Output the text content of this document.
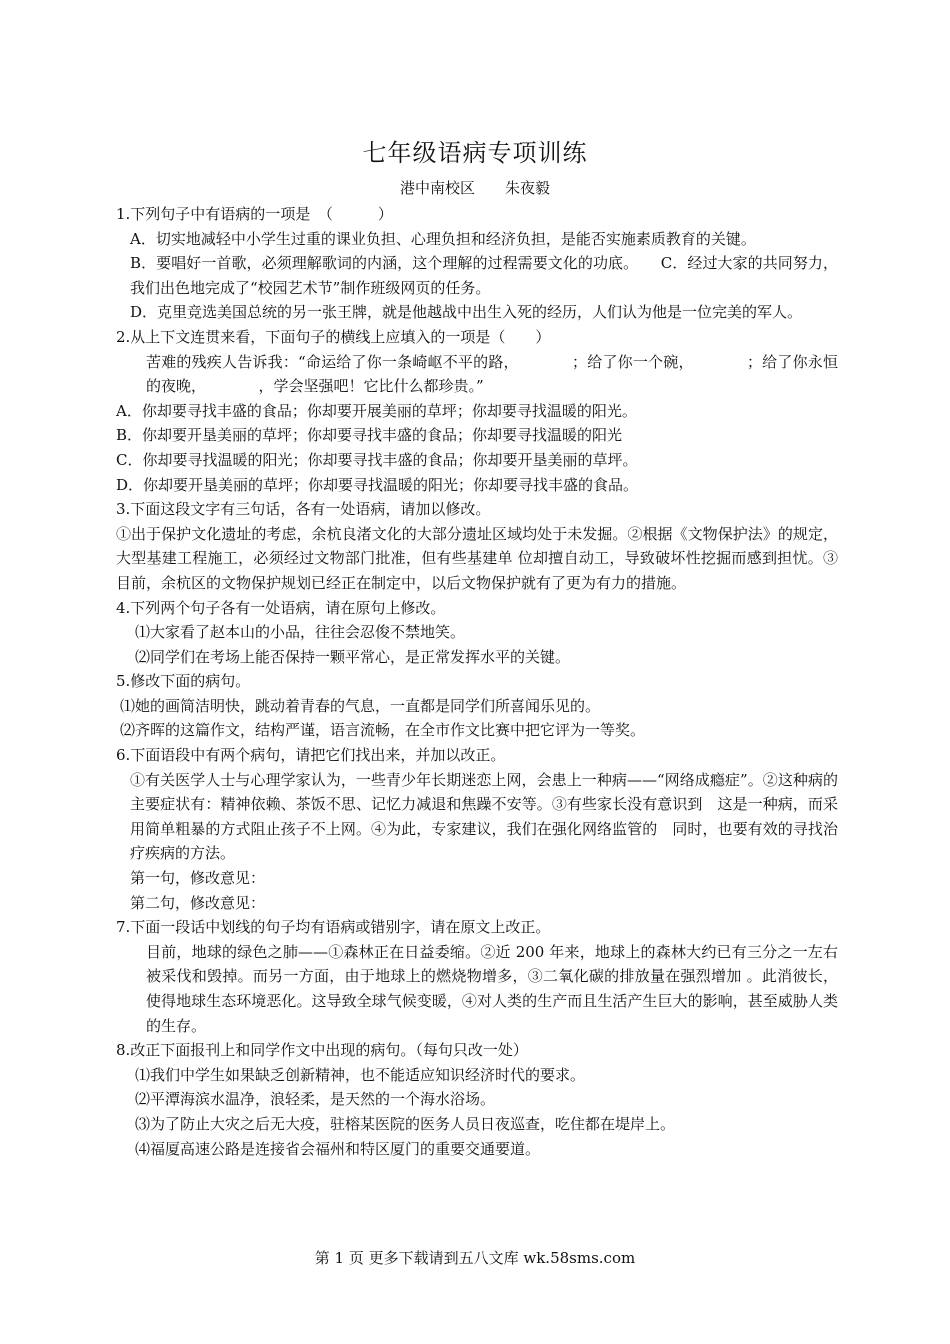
七年级语病专项训练
港中南校区 朱夜毅

1.下列句子中有语病的一项是　（　　　）

A．切实地减轻中小学生过重的课业负担、心理负担和经济负担，是能否实施素质教育的关键。

B．要唱好一首歌，必须理解歌词的内涵，这个理解的过程需要文化的功底。　　C．经过大家的共同努力，我们出色地完成了“校园艺术节”制作班级网页的任务。

D．克里竞选美国总统的另一张王牌，就是他越战中出生入死的经历，人们认为他是一位完美的军人。

2.从上下文连贯来看，下面句子的横线上应填入的一项是（　　）

苦难的残疾人告诉我：“命运给了你一条崎岖不平的路，　　　　；给了你一个碗，　　　　；给了你永恒的夜晚，　　　　，学会坚强吧！它比什么都珍贵。”

A．你却要寻找丰盛的食品；你却要开展美丽的草坪；你却要寻找温暖的阳光。

B．你却要开垦美丽的草坪；你却要寻找丰盛的食品；你却要寻找温暖的阳光

C．你却要寻找温暖的阳光；你却要寻找丰盛的食品；你却要开垦美丽的草坪。

D．你却要开垦美丽的草坪；你却要寻找温暖的阳光；你却要寻找丰盛的食品。

3.下面这段文字有三句话，各有一处语病，请加以修改。

①出于保护文化遗址的考虑，余杭良渚文化的大部分遗址区域均处于未发掘。②根据《文物保护法》的规定，大型基建工程施工，必须经过文物部门批准，但有些基建单 位却擅自动工，导致破坏性挖掘而感到担忧。③目前，余杭区的文物保护规划已经正在制定中，以后文物保护就有了更为有力的措施。

4.下列两个句子各有一处语病，请在原句上修改。

⑴大家看了赵本山的小品，往往会忍俊不禁地笑。

⑵同学们在考场上能否保持一颗平常心，是正常发挥水平的关键。

5.修改下面的病句。

⑴她的画简洁明快，跳动着青春的气息，一直都是同学们所喜闻乐见的。

⑵齐晖的这篇作文，结构严谨，语言流畅，在全市作文比赛中把它评为一等奖。

6.下面语段中有两个病句，请把它们找出来，并加以改正。

①有关医学人士与心理学家认为，一些青少年长期迷恋上网，会患上一种病——“网络成瘾症”。②这种病的主要症状有：精神依赖、茶饭不思、记忆力减退和焦躁不安等。③有些家长没有意识到　这是一种病，而采用简单粗暴的方式阻止孩子不上网。④为此，专家建议，我们在强化网络监管的　同时，也要有效的寻找治疗疾病的方法。

第一句，修改意见：

第二句，修改意见：

7.下面一段话中划线的句子均有语病或错别字，请在原文上改正。

目前，地球的绿色之肺——①森林正在日益委缩。②近 200 年来，地球上的森林大约已有三分之一左右被采伐和毁掉。而另一方面，由于地球上的燃烧物增多，③二氧化碳的排放量在强烈增加 。此消彼长，使得地球生态环境恶化。这导致全球气候变暖，④对人类的生产而且生活产生巨大的影响，甚至威胁人类的生存。

8.改正下面报刊上和同学作文中出现的病句。（每句只改一处）

⑴我们中学生如果缺乏创新精神，也不能适应知识经济时代的要求。

⑵平潭海滨水温净，浪轻柔，是天然的一个海水浴场。

⑶为了防止大灾之后无大疫，驻榕某医院的医务人员日夜巡查，吃住都在堤岸上。

⑷福厦高速公路是连接省会福州和特区厦门的重要交通要道。

第 1 页 更多下载请到五八文库 wk.58sms.com
